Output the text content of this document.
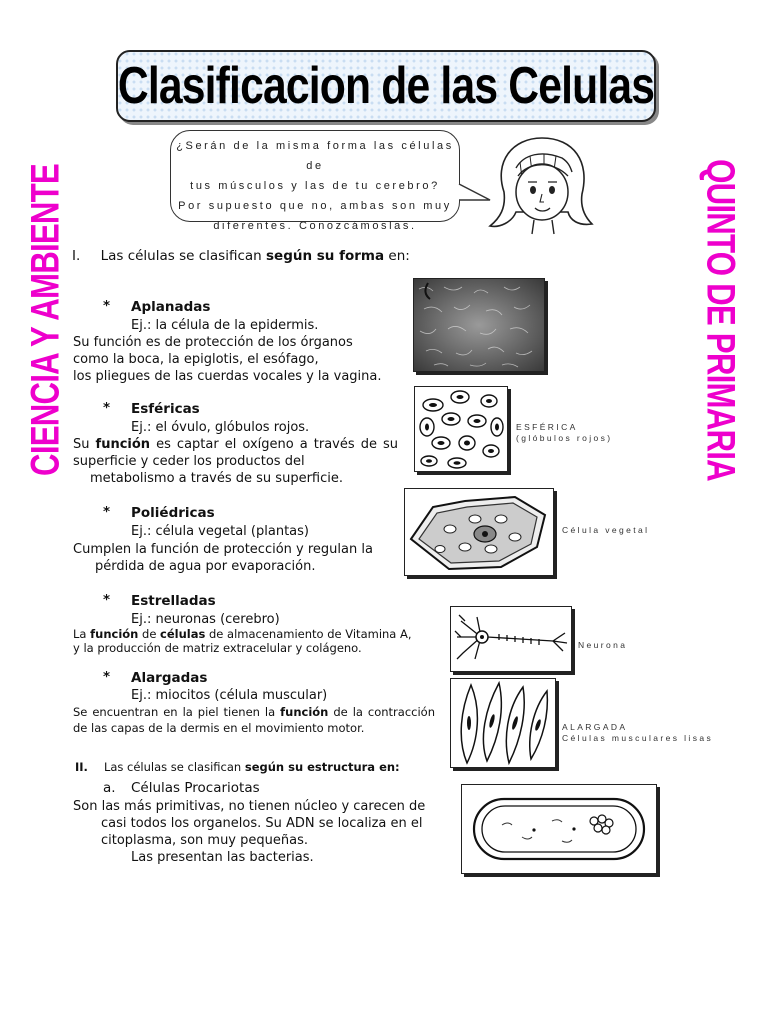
Clasificacion de las Celulas
CIENCIA Y AMBIENTE	QUINTO DE PRIMARIA
¿Serán de la misma forma las células de
tus músculos y las de tu cerebro?
Por supuesto que no, ambas son muy
diferentes. Conozcámoslas.
I. Las células se clasifican según su forma en:
* Aplanadas
Ej.: la célula de la epidermis.
Su función es de protección de los órganos
como la boca, la epiglotis, el esófago,
los pliegues de las cuerdas vocales y la vagina.
* Esféricas
Ej.: el óvulo, glóbulos rojos.
Su función es captar el oxígeno a través de su superficie y ceder los productos del
metabolismo a través de su superficie.
ESFÉRICA
(glóbulos rojos)
* Poliédricas
Ej.: célula vegetal (plantas)
Cumplen la función de protección y regulan la
pérdida de agua por evaporación.
Célula vegetal
* Estrelladas
Ej.: neuronas (cerebro)
La función de células de almacenamiento de Vitamina A,
y la producción de matriz extracelular y colágeno.	Neurona
* Alargadas
Ej.: miocitos (célula muscular)
Se encuentran en la piel tienen la función de la contracción de las capas de la dermis en el movimiento motor.	ALARGADA
Células musculares lisas
II. Las células se clasifican según su estructura en:
a. Células Procariotas
Son las más primitivas, no tienen núcleo y carecen de
casi todos los organelos. Su ADN se localiza en el
citoplasma, son muy pequeñas.
Las presentan las bacterias.
